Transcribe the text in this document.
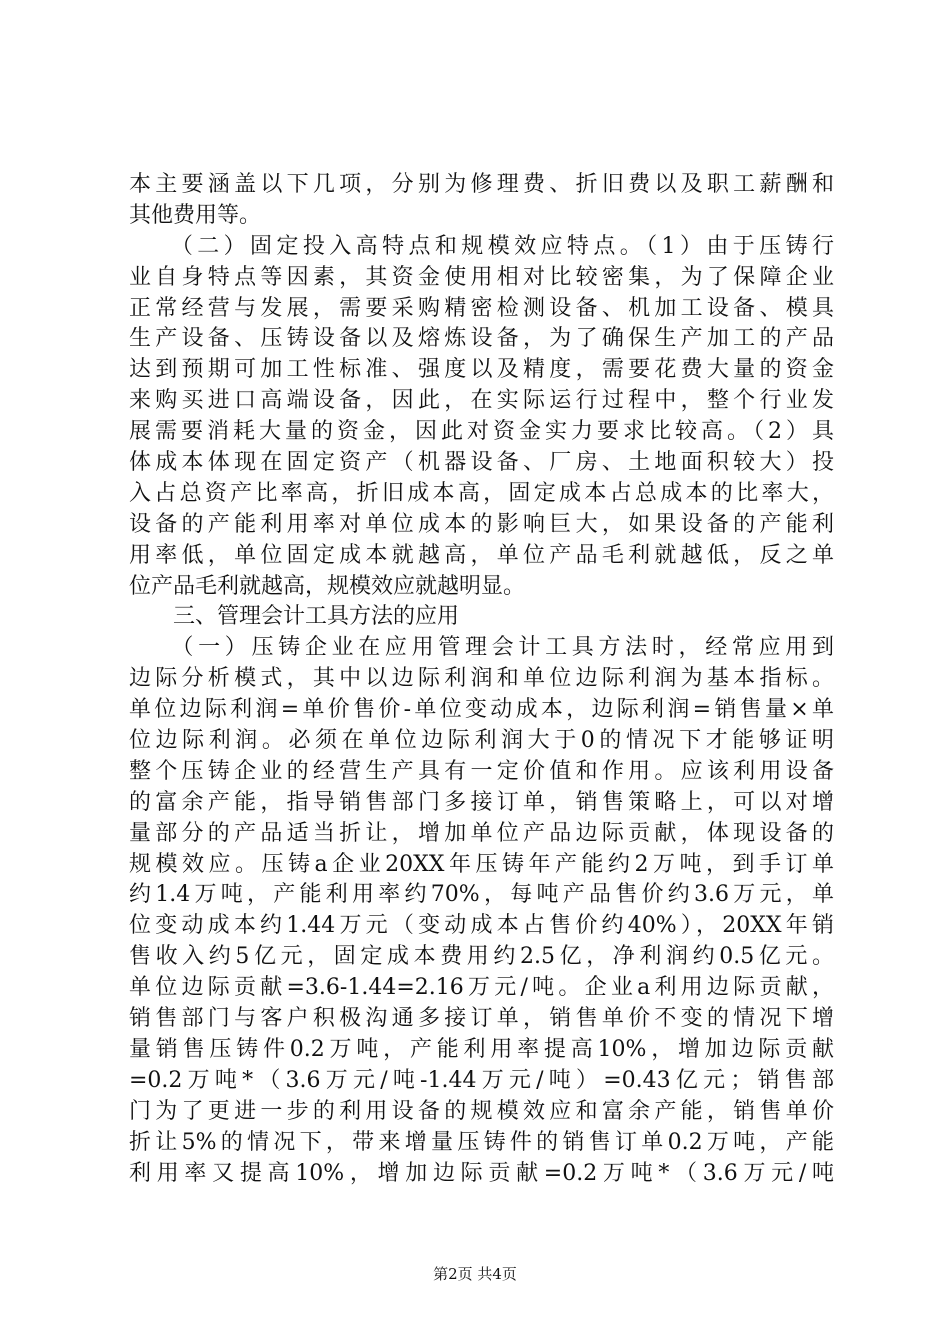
本主要涵盖以下几项，分别为修理费、折旧费以及职工薪酬和
其他费用等。
　　（二）固定投入高特点和规模效应特点。（1）由于压铸行
业自身特点等因素，其资金使用相对比较密集，为了保障企业
正常经营与发展，需要采购精密检测设备、机加工设备、模具
生产设备、压铸设备以及熔炼设备，为了确保生产加工的产品
达到预期可加工性标准、强度以及精度，需要花费大量的资金
来购买进口高端设备，因此，在实际运行过程中，整个行业发
展需要消耗大量的资金，因此对资金实力要求比较高。（2）具
体成本体现在固定资产（机器设备、厂房、土地面积较大）投
入占总资产比率高，折旧成本高，固定成本占总成本的比率大，
设备的产能利用率对单位成本的影响巨大，如果设备的产能利
用率低，单位固定成本就越高，单位产品毛利就越低，反之单
位产品毛利就越高，规模效应就越明显。
　　三、管理会计工具方法的应用
　　（一）压铸企业在应用管理会计工具方法时，经常应用到
边际分析模式，其中以边际利润和单位边际利润为基本指标。
单位边际利润=单价售价-单位变动成本，边际利润=销售量×单
位边际利润。必须在单位边际利润大于0的情况下才能够证明
整个压铸企业的经营生产具有一定价值和作用。应该利用设备
的富余产能，指导销售部门多接订单，销售策略上，可以对增
量部分的产品适当折让，增加单位产品边际贡献，体现设备的
规模效应。压铸a企业20XX年压铸年产能约2万吨，到手订单
约1.4万吨，产能利用率约70%，每吨产品售价约3.6万元，单
位变动成本约1.44万元（变动成本占售价约40%），20XX年销
售收入约5亿元，固定成本费用约2.5亿，净利润约0.5亿元。
单位边际贡献=3.6-1.44=2.16万元/吨。企业a利用边际贡献，
销售部门与客户积极沟通多接订单，销售单价不变的情况下增
量销售压铸件0.2万吨，产能利用率提高10%，增加边际贡献
=0.2万吨*（3.6万元/吨-1.44万元/吨）=0.43亿元；销售部
门为了更进一步的利用设备的规模效应和富余产能，销售单价
折让5%的情况下，带来增量压铸件的销售订单0.2万吨，产能
利用率又提高10%，增加边际贡献=0.2万吨*（3.6万元/吨
第2页 共4页
